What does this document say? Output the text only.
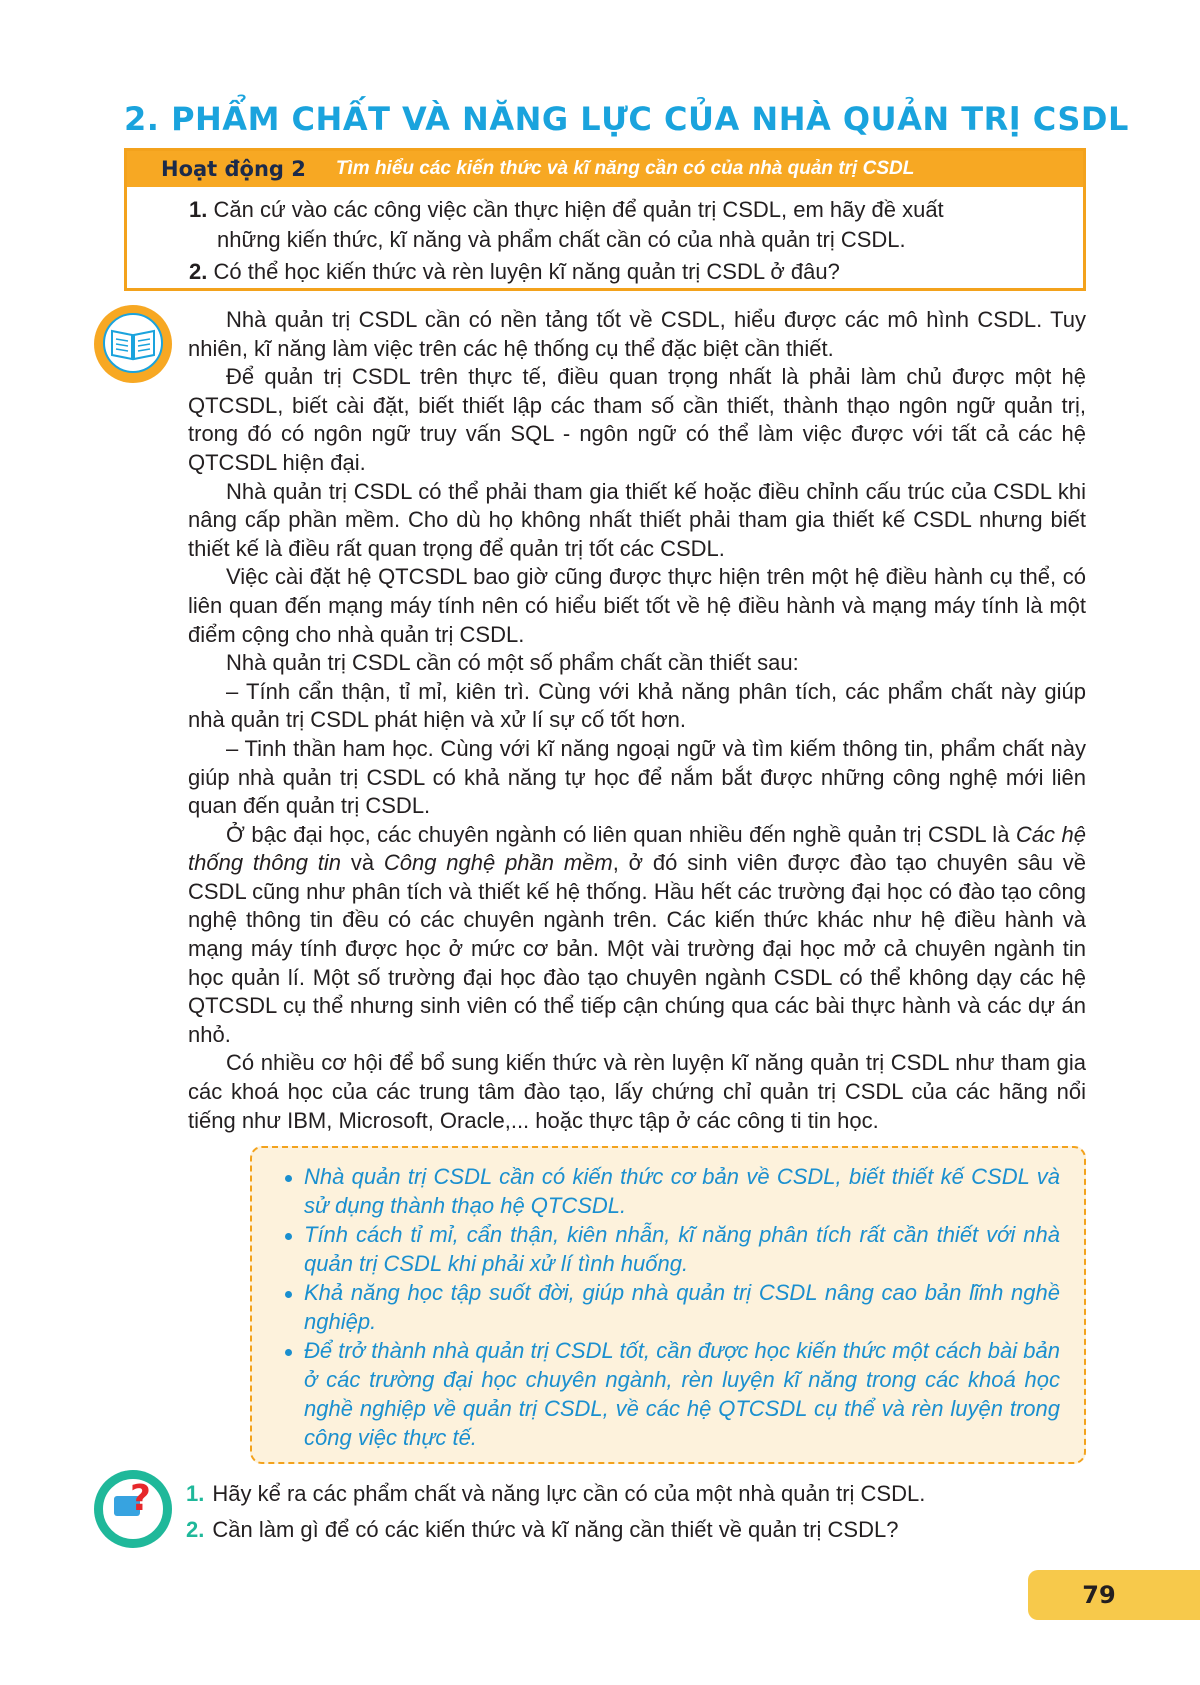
2. PHẨM CHẤT VÀ NĂNG LỰC CỦA NHÀ QUẢN TRỊ CSDL
Hoạt động 2 Tìm hiểu các kiến thức và kĩ năng cần có của nhà quản trị CSDL

1. Căn cứ vào các công việc cần thực hiện để quản trị CSDL, em hãy đề xuất
những kiến thức, kĩ năng và phẩm chất cần có của nhà quản trị CSDL.

2. Có thể học kiến thức và rèn luyện kĩ năng quản trị CSDL ở đâu?

Nhà quản trị CSDL cần có nền tảng tốt về CSDL, hiểu được các mô hình CSDL. Tuy nhiên, kĩ năng làm việc trên các hệ thống cụ thể đặc biệt cần thiết.

Để quản trị CSDL trên thực tế, điều quan trọng nhất là phải làm chủ được một hệ QTCSDL, biết cài đặt, biết thiết lập các tham số cần thiết, thành thạo ngôn ngữ quản trị, trong đó có ngôn ngữ truy vấn SQL - ngôn ngữ có thể làm việc được với tất cả các hệ QTCSDL hiện đại.

Nhà quản trị CSDL có thể phải tham gia thiết kế hoặc điều chỉnh cấu trúc của CSDL khi nâng cấp phần mềm. Cho dù họ không nhất thiết phải tham gia thiết kế CSDL nhưng biết thiết kế là điều rất quan trọng để quản trị tốt các CSDL.

Việc cài đặt hệ QTCSDL bao giờ cũng được thực hiện trên một hệ điều hành cụ thể, có liên quan đến mạng máy tính nên có hiểu biết tốt về hệ điều hành và mạng máy tính là một điểm cộng cho nhà quản trị CSDL.

Nhà quản trị CSDL cần có một số phẩm chất cần thiết sau:

– Tính cẩn thận, tỉ mỉ, kiên trì. Cùng với khả năng phân tích, các phẩm chất này giúp nhà quản trị CSDL phát hiện và xử lí sự cố tốt hơn.

– Tinh thần ham học. Cùng với kĩ năng ngoại ngữ và tìm kiếm thông tin, phẩm chất này giúp nhà quản trị CSDL có khả năng tự học để nắm bắt được những công nghệ mới liên quan đến quản trị CSDL.

Ở bậc đại học, các chuyên ngành có liên quan nhiều đến nghề quản trị CSDL là Các hệ thống thông tin và Công nghệ phần mềm, ở đó sinh viên được đào tạo chuyên sâu về CSDL cũng như phân tích và thiết kế hệ thống. Hầu hết các trường đại học có đào tạo công nghệ thông tin đều có các chuyên ngành trên. Các kiến thức khác như hệ điều hành và mạng máy tính được học ở mức cơ bản. Một vài trường đại học mở cả chuyên ngành tin học quản lí. Một số trường đại học đào tạo chuyên ngành CSDL có thể không dạy các hệ QTCSDL cụ thể nhưng sinh viên có thể tiếp cận chúng qua các bài thực hành và các dự án nhỏ.

Có nhiều cơ hội để bổ sung kiến thức và rèn luyện kĩ năng quản trị CSDL như tham gia các khoá học của các trung tâm đào tạo, lấy chứng chỉ quản trị CSDL của các hãng nổi tiếng như IBM, Microsoft, Oracle,... hoặc thực tập ở các công ti tin học.

Nhà quản trị CSDL cần có kiến thức cơ bản về CSDL, biết thiết kế CSDL và sử dụng thành thạo hệ QTCSDL.
Tính cách tỉ mỉ, cẩn thận, kiên nhẫn, kĩ năng phân tích rất cần thiết với nhà quản trị CSDL khi phải xử lí tình huống.
Khả năng học tập suốt đời, giúp nhà quản trị CSDL nâng cao bản lĩnh nghề nghiệp.
Để trở thành nhà quản trị CSDL tốt, cần được học kiến thức một cách bài bản ở các trường đại học chuyên ngành, rèn luyện kĩ năng trong các khoá học nghề nghiệp về quản trị CSDL, về các hệ QTCSDL cụ thể và rèn luyện trong công việc thực tế.
? 1. Hãy kể ra các phẩm chất và năng lực cần có của một nhà quản trị CSDL.

2. Cần làm gì để có các kiến thức và kĩ năng cần thiết về quản trị CSDL?

79
